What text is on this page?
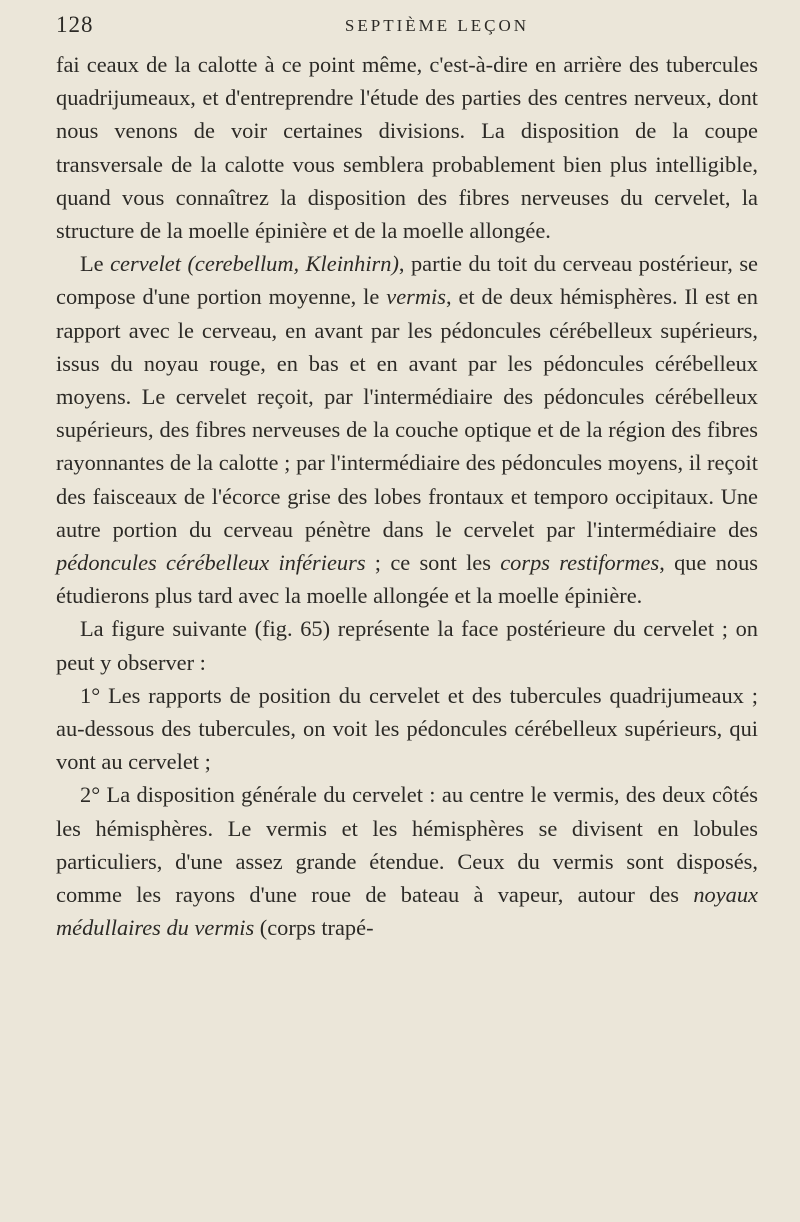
128	SEPTIÈME LEÇON

fai ceaux de la calotte à ce point même, c'est-à-dire en arrière des tubercules quadrijumeaux, et d'entreprendre l'étude des parties des centres nerveux, dont nous venons de voir certaines divisions. La disposition de la coupe transversale de la calotte vous semblera probablement bien plus intelligible, quand vous connaîtrez la disposition des fibres nerveuses du cervelet, la structure de la moelle épinière et de la moelle allongée.

Le cervelet (cerebellum, Kleinhirn), partie du toit du cerveau postérieur, se compose d'une portion moyenne, le vermis, et de deux hémisphères. Il est en rapport avec le cerveau, en avant par les pédoncules cérébelleux supérieurs, issus du noyau rouge, en bas et en avant par les pédoncules cérébelleux moyens. Le cervelet reçoit, par l'intermédiaire des pédoncules cérébelleux supérieurs, des fibres nerveuses de la couche optique et de la région des fibres rayonnantes de la calotte ; par l'intermédiaire des pédoncules moyens, il reçoit des faisceaux de l'écorce grise des lobes frontaux et temporo occipitaux. Une autre portion du cerveau pénètre dans le cervelet par l'intermédiaire des pédoncules cérébelleux inférieurs ; ce sont les corps restiformes, que nous étudierons plus tard avec la moelle allongée et la moelle épinière.

La figure suivante (fig. 65) représente la face postérieure du cervelet ; on peut y observer :

1° Les rapports de position du cervelet et des tubercules quadrijumeaux ; au-dessous des tubercules, on voit les pédoncules cérébelleux supérieurs, qui vont au cervelet ;

2° La disposition générale du cervelet : au centre le vermis, des deux côtés les hémisphères. Le vermis et les hémisphères se divisent en lobules particuliers, d'une assez grande étendue. Ceux du vermis sont disposés, comme les rayons d'une roue de bateau à vapeur, autour des noyaux médullaires du vermis (corps trapé-
